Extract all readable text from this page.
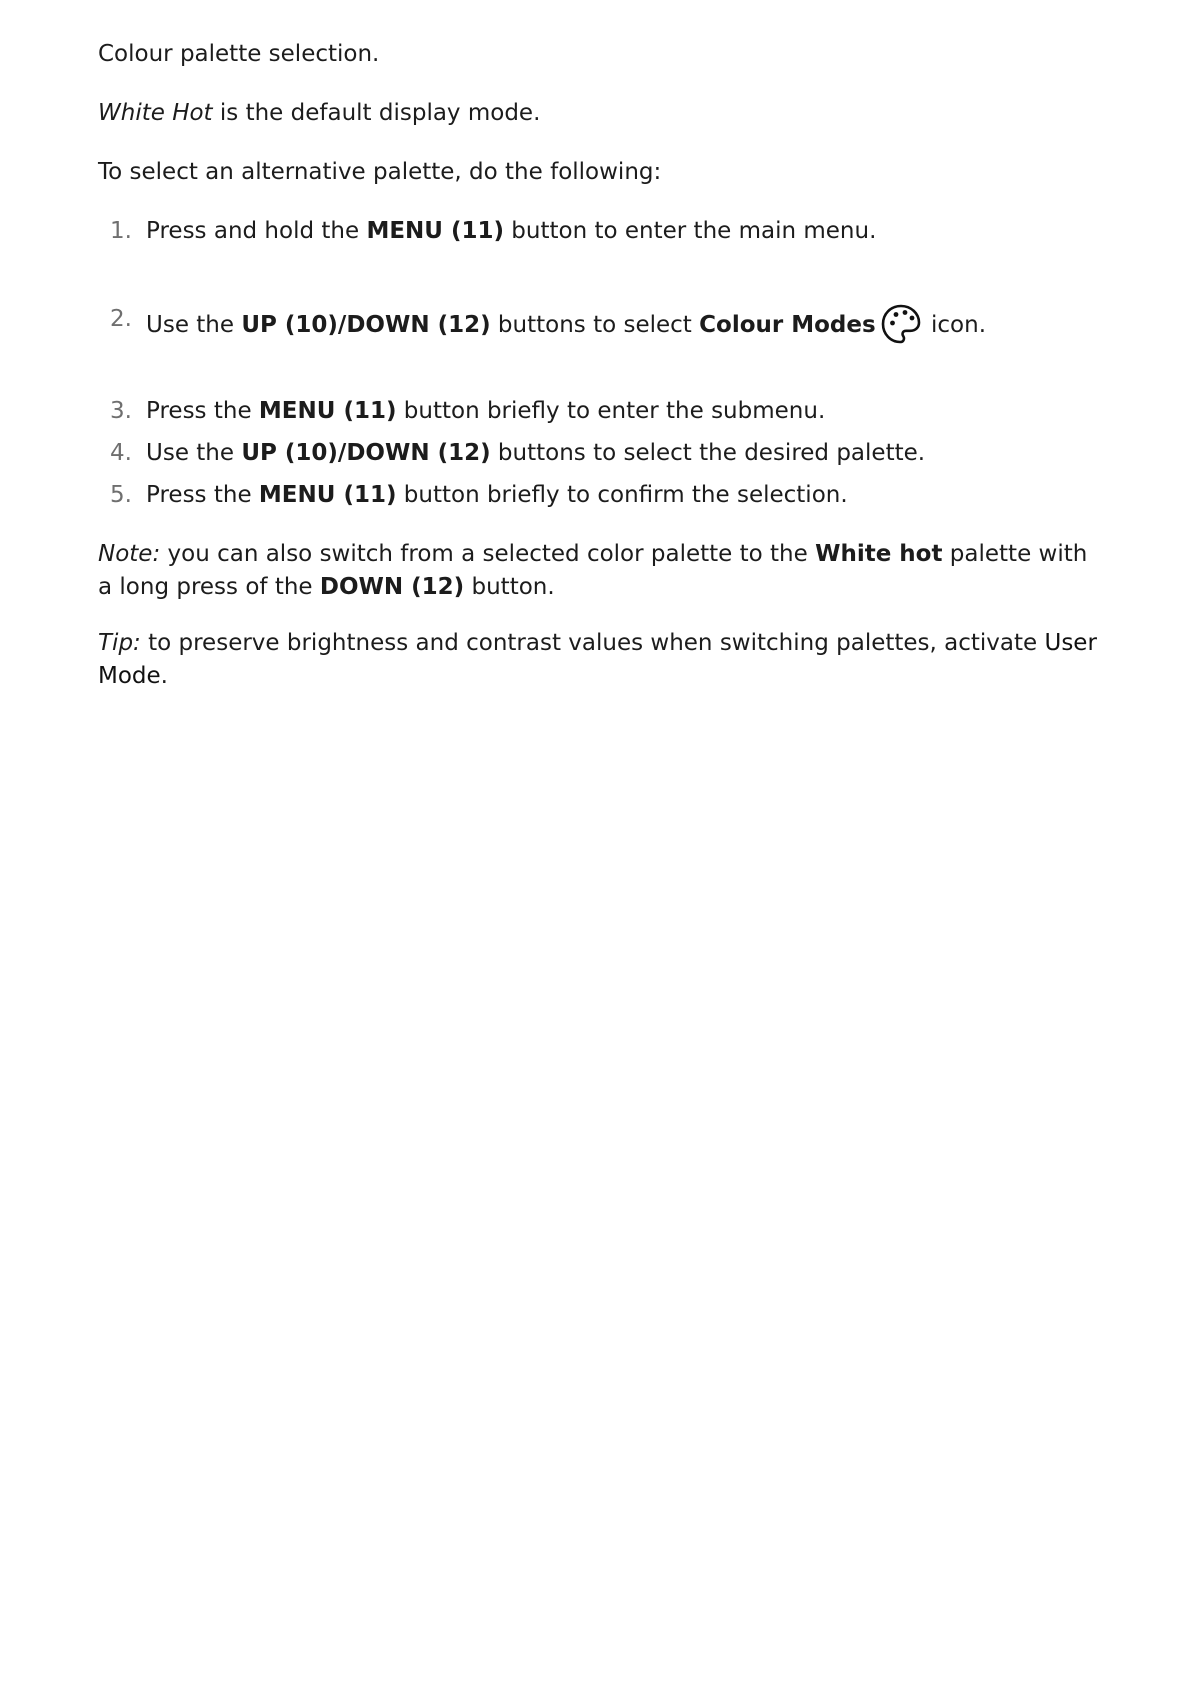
Colour palette selection.

White Hot is the default display mode.

To select an alternative palette, do the following:

1. Press and hold the MENU (11) button to enter the main menu.
2. Use the UP (10)/DOWN (12) buttons to select Colour Modes icon.
3. Press the MENU (11) button briefly to enter the submenu.
4. Use the UP (10)/DOWN (12) buttons to select the desired palette.
5. Press the MENU (11) button briefly to confirm the selection.

Note: you can also switch from a selected color palette to the White hot palette with a long press of the DOWN (12) button.

Tip: to preserve brightness and contrast values when switching palettes, activate User Mode.
